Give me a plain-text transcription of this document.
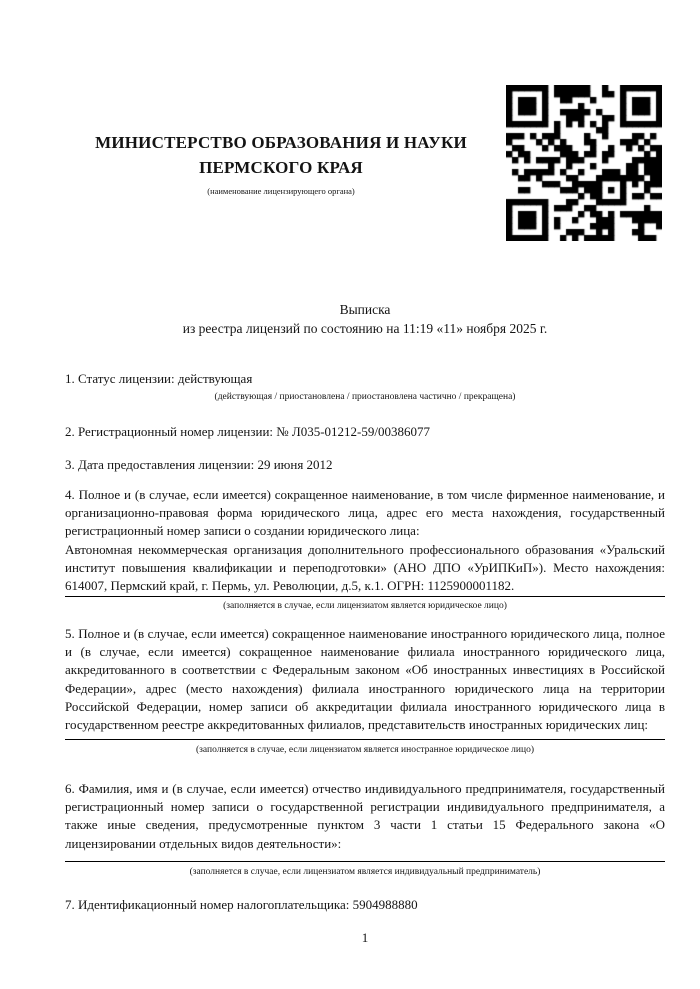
МИНИСТЕРСТВО ОБРАЗОВАНИЯ И НАУКИ
ПЕРМСКОГО КРАЯ
(наименование лицензирующего органа)
Выписка
из реестра лицензий по состоянию на 11:19 «11» ноября 2025 г.
1. Статус лицензии: действующая
(действующая / приостановлена / приостановлена частично / прекращена)
2. Регистрационный номер лицензии: № Л035-01212-59/00386077
3. Дата предоставления лицензии: 29 июня 2012

4. Полное и (в случае, если имеется) сокращенное наименование, в том числе фирменное наименование, и организационно-правовая форма юридического лица, адрес его места нахождения, государственный регистрационный номер записи о создании юридического лица:

Автономная некоммерческая организация дополнительного профессионального образования «Уральский институт повышения квалификации и переподготовки» (АНО ДПО «УрИПКиП»). Место нахождения: 614007, Пермский край, г. Пермь, ул. Революции, д.5, к.1. ОГРН: 1125900001182.

(заполняется в случае, если лицензиатом является юридическое лицо)
5. Полное и (в случае, если имеется) сокращенное наименование иностранного юридического лица, полное и (в случае, если имеется) сокращенное наименование филиала иностранного юридического лица, аккредитованного в соответствии с Федеральным законом «Об иностранных инвестициях в Российской Федерации», адрес (место нахождения) филиала иностранного юридического лица на территории Российской Федерации, номер записи об аккредитации филиала иностранного юридического лица в государственном реестре аккредитованных филиалов, представительств иностранных юридических лиц:
(заполняется в случае, если лицензиатом является иностранное юридическое лицо)
6. Фамилия, имя и (в случае, если имеется) отчество индивидуального предпринимателя, государственный регистрационный номер записи о государственной регистрации индивидуального предпринимателя, а также иные сведения, предусмотренные пунктом 3 части 1 статьи 15 Федерального закона «О лицензировании отдельных видов деятельности»:
(заполняется в случае, если лицензиатом является индивидуальный предприниматель)
7. Идентификационный номер налогоплательщика: 5904988880
1
